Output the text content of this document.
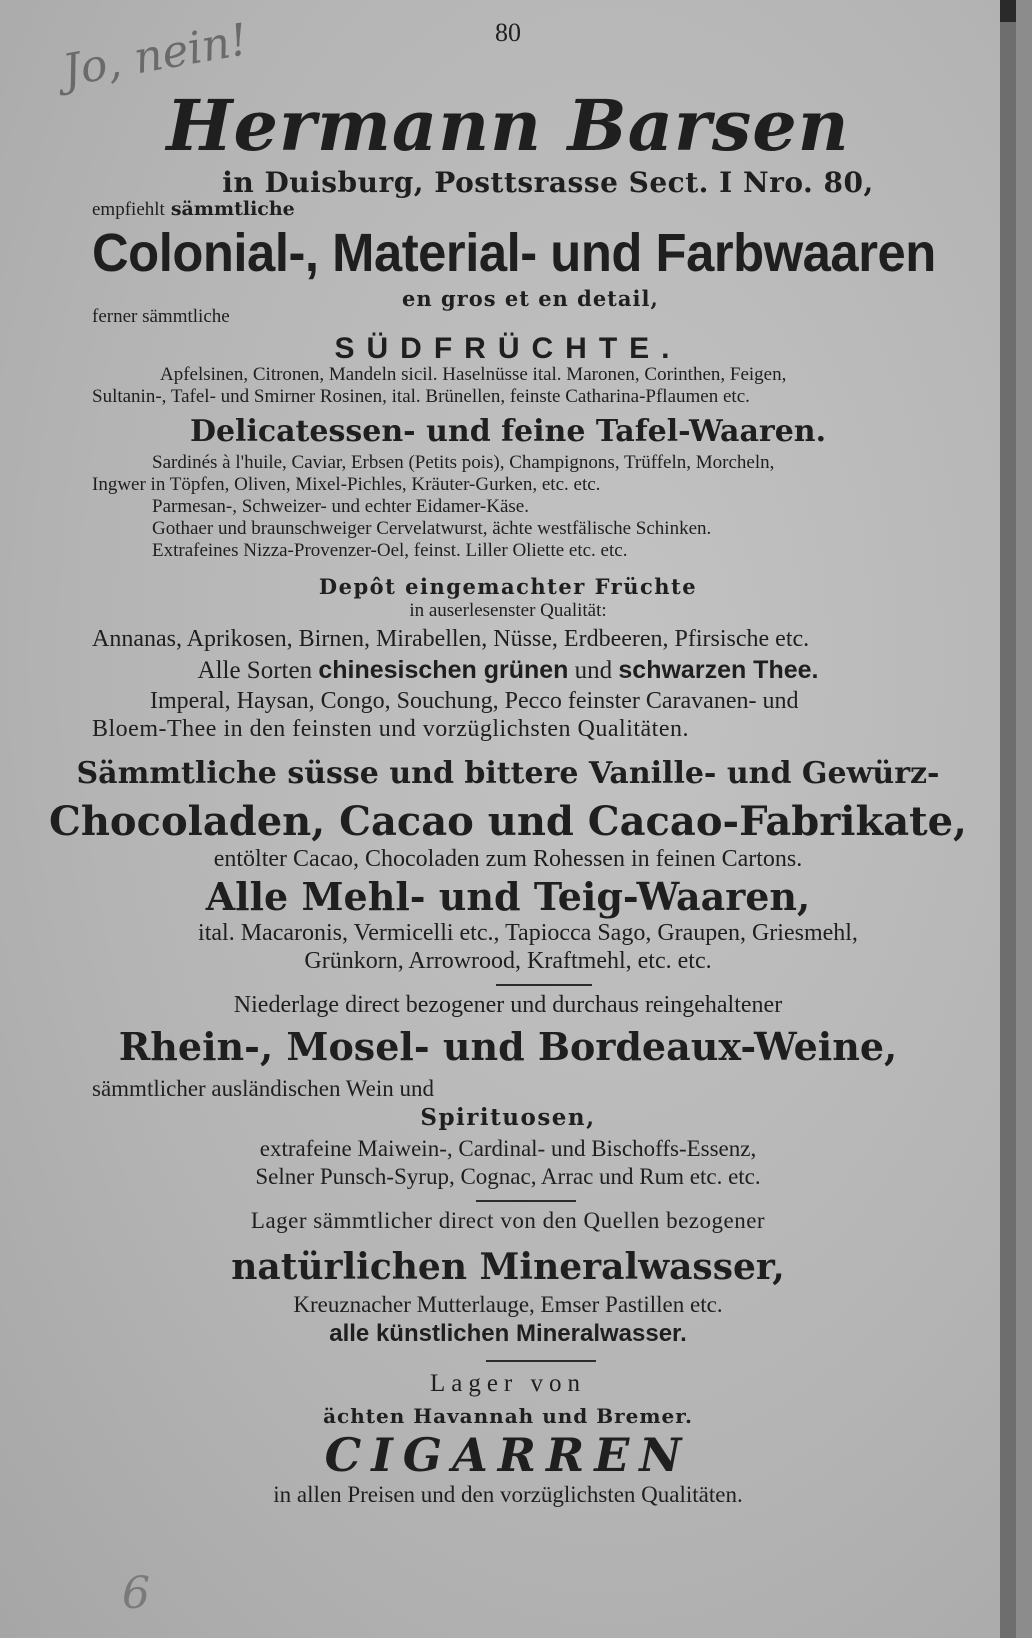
80
Jo, nein!
Hermann Barsen
in Duisburg, Posttsrasse Sect. I Nro. 80,
empfiehlt sämmtliche
Colonial-, Material- und Farbwaaren
en gros et en detail,
ferner sämmtliche
SÜDFRÜCHTE.
Apfelsinen, Citronen, Mandeln sicil. Haselnüsse ital. Maronen, Corinthen, Feigen,
Sultanin-, Tafel- und Smirner Rosinen, ital. Brünellen, feinste Catharina-Pflaumen etc.
Delicatessen- und feine Tafel-Waaren.
Sardinés à l'huile, Caviar, Erbsen (Petits pois), Champignons, Trüffeln, Morcheln,
Ingwer in Töpfen, Oliven, Mixel-Pichles, Kräuter-Gurken, etc. etc.
Parmesan-, Schweizer- und echter Eidamer-Käse.
Gothaer und braunschweiger Cervelatwurst, ächte westfälische Schinken.
Extrafeines Nizza-Provenzer-Oel, feinst. Liller Oliette etc. etc.
Depôt eingemachter Früchte
in auserlesenster Qualität:
Annanas, Aprikosen, Birnen, Mirabellen, Nüsse, Erdbeeren, Pfirsische etc.
Alle Sorten chinesischen grünen und schwarzen Thee.
Imperal, Haysan, Congo, Souchung, Pecco feinster Caravanen- und
Bloem-Thee in den feinsten und vorzüglichsten Qualitäten.
Sämmtliche süsse und bittere Vanille- und Gewürz-
Chocoladen, Cacao und Cacao-Fabrikate,
entölter Cacao, Chocoladen zum Rohessen in feinen Cartons.
Alle Mehl- und Teig-Waaren,
ital. Macaronis, Vermicelli etc., Tapiocca Sago, Graupen, Griesmehl,
Grünkorn, Arrowrood, Kraftmehl, etc. etc.
Niederlage direct bezogener und durchaus reingehaltener
Rhein-, Mosel- und Bordeaux-Weine,
sämmtlicher ausländischen Wein und
Spirituosen,
extrafeine Maiwein-, Cardinal- und Bischoffs-Essenz,
Selner Punsch-Syrup, Cognac, Arrac und Rum etc. etc.
Lager sämmtlicher direct von den Quellen bezogener
natürlichen Mineralwasser,
Kreuznacher Mutterlauge, Emser Pastillen etc.
alle künstlichen Mineralwasser.
Lager von
ächten Havannah und Bremer.
CIGARREN
in allen Preisen und den vorzüglichsten Qualitäten.
6
